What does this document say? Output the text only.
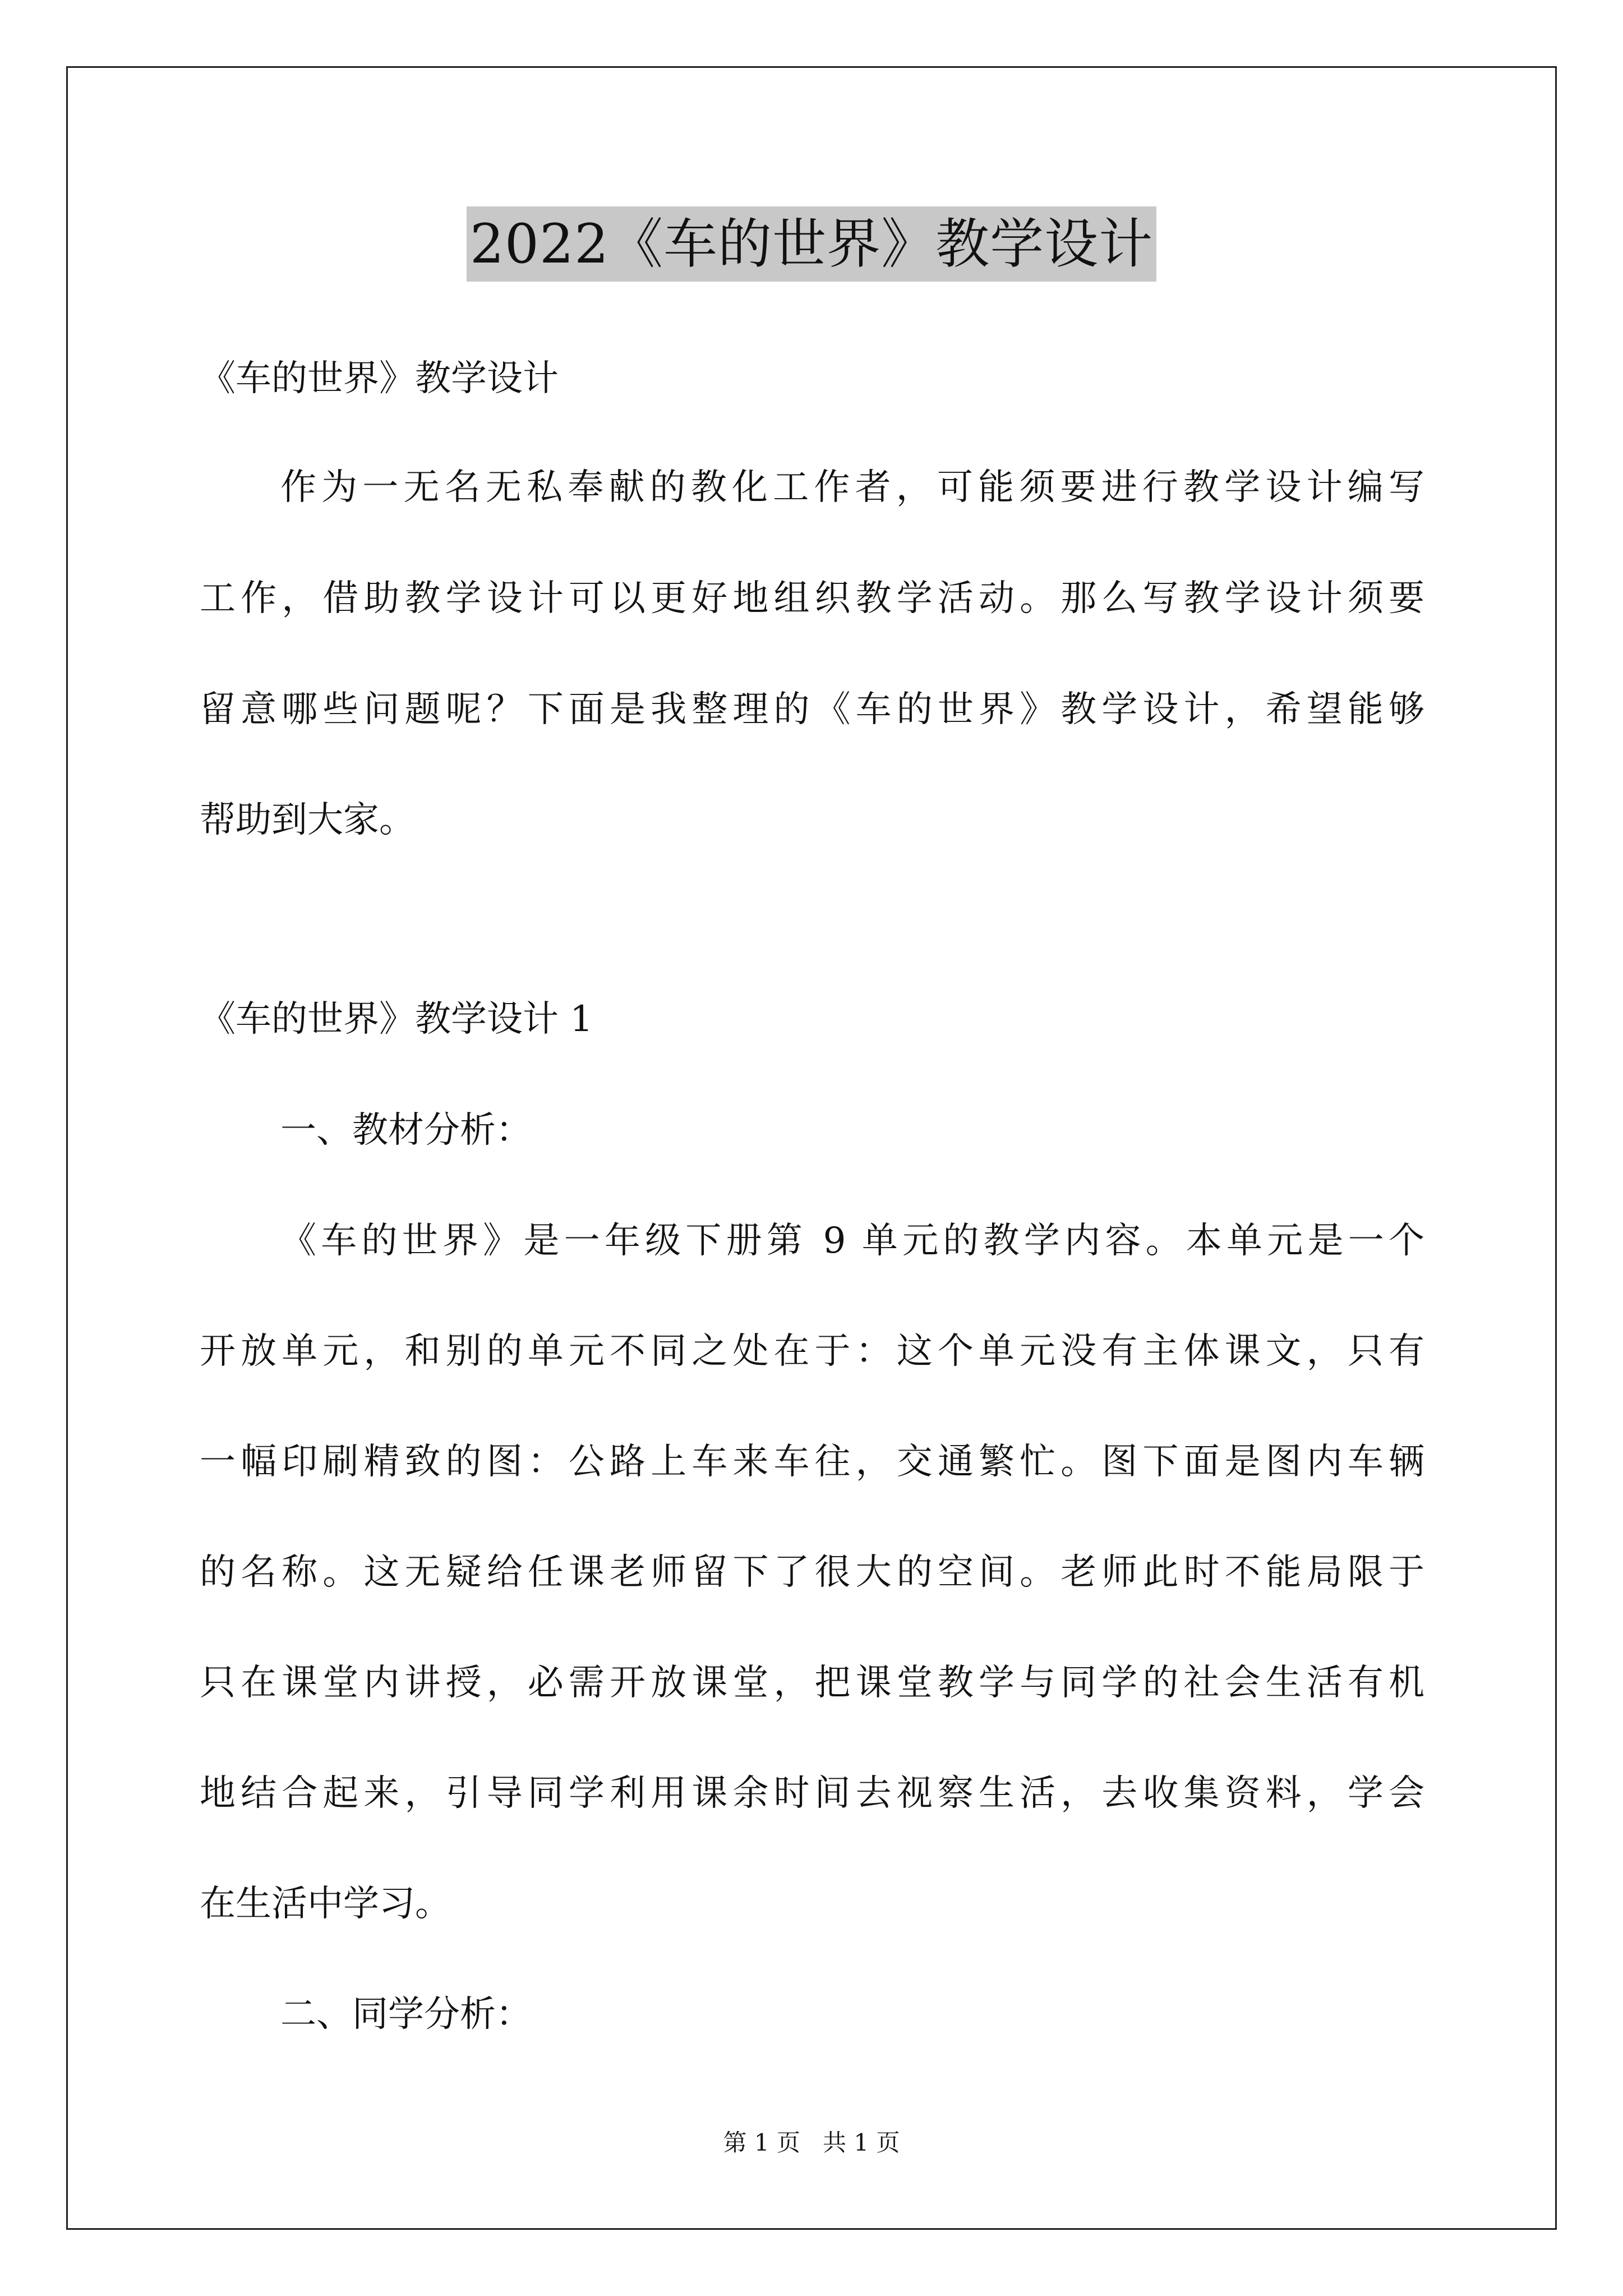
2022《车的世界》教学设计
《车的世界》教学设计
作为一无名无私奉献的教化工作者，可能须要进行教学设计编写
工作，借助教学设计可以更好地组织教学活动。那么写教学设计须要
留意哪些问题呢？下面是我整理的《车的世界》教学设计，希望能够
帮助到大家。
《车的世界》教学设计 1
一、教材分析：
《车的世界》是一年级下册第 9 单元的教学内容。本单元是一个
开放单元，和别的单元不同之处在于：这个单元没有主体课文，只有
一幅印刷精致的图：公路上车来车往，交通繁忙。图下面是图内车辆
的名称。这无疑给任课老师留下了很大的空间。老师此时不能局限于
只在课堂内讲授，必需开放课堂，把课堂教学与同学的社会生活有机
地结合起来，引导同学利用课余时间去视察生活，去收集资料，学会
在生活中学习。
二、同学分析：
第 1 页   共 1 页
